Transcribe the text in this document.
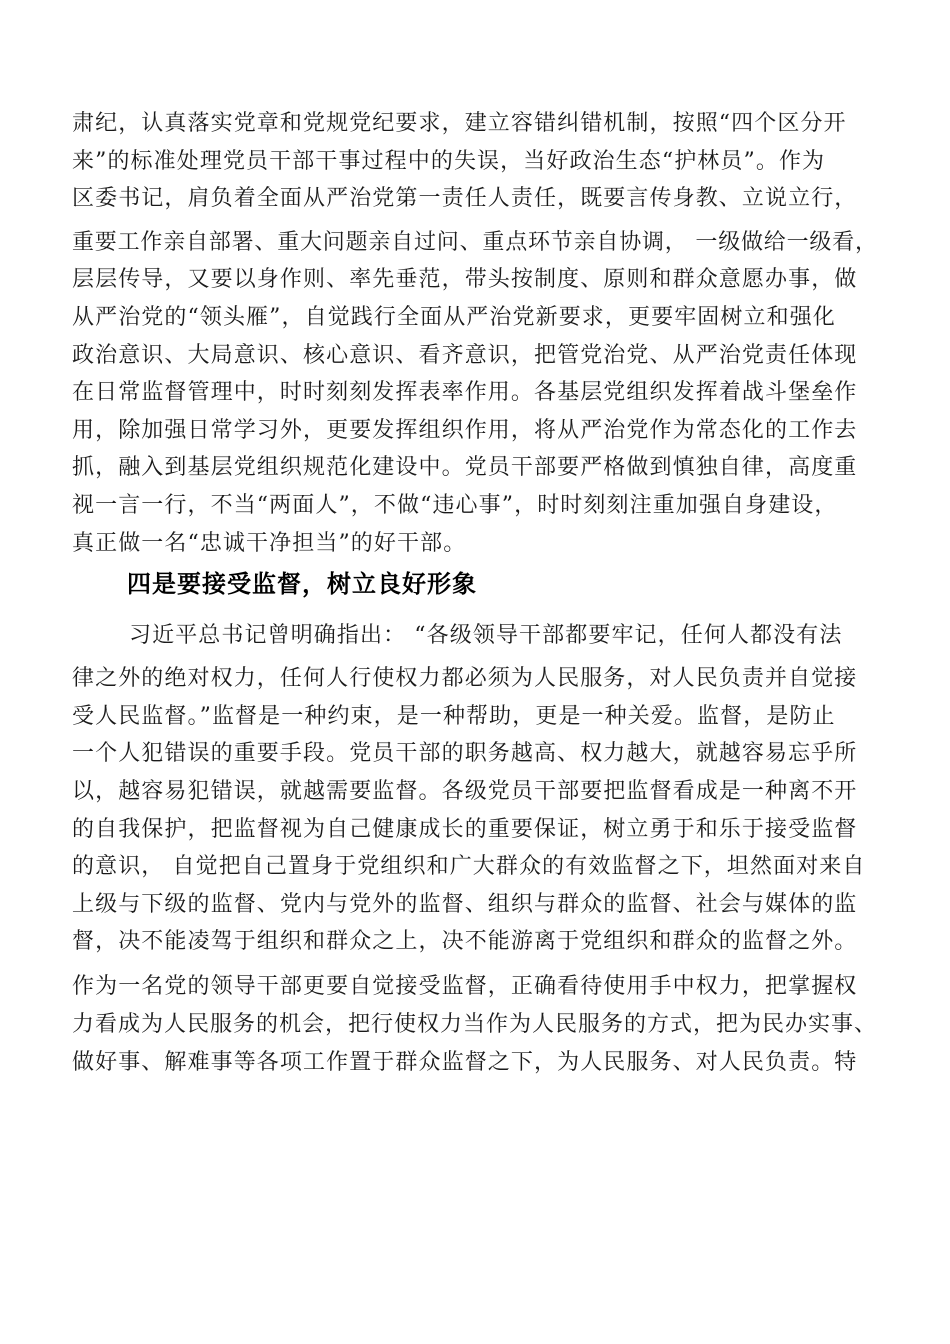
肃纪，认真落实党章和党规党纪要求，建立容错纠错机制，按照“四个区分开
来”的标准处理党员干部干事过程中的失误，当好政治生态“护林员”。作为
区委书记，肩负着全面从严治党第一责任人责任，既要言传身教、立说立行，
重要工作亲自部署、重大问题亲自过问、重点环节亲自协调， 一级做给一级看，
层层传导，又要以身作则、率先垂范，带头按制度、原则和群众意愿办事，做
从严治党的“领头雁”，自觉践行全面从严治党新要求，更要牢固树立和强化
政治意识、大局意识、核心意识、看齐意识，把管党治党、从严治党责任体现
在日常监督管理中，时时刻刻发挥表率作用。各基层党组织发挥着战斗堡垒作
用，除加强日常学习外，更要发挥组织作用，将从严治党作为常态化的工作去
抓，融入到基层党组织规范化建设中。党员干部要严格做到慎独自律，高度重
视一言一行，不当“两面人”，不做“违心事”，时时刻刻注重加强自身建设，
真正做一名“忠诚干净担当”的好干部。
四是要接受监督，树立良好形象
习近平总书记曾明确指出： “各级领导干部都要牢记，任何人都没有法
律之外的绝对权力，任何人行使权力都必须为人民服务，对人民负责并自觉接
受人民监督。”监督是一种约束，是一种帮助，更是一种关爱。监督，是防止
一个人犯错误的重要手段。党员干部的职务越高、权力越大，就越容易忘乎所
以，越容易犯错误，就越需要监督。各级党员干部要把监督看成是一种离不开
的自我保护，把监督视为自己健康成长的重要保证，树立勇于和乐于接受监督
的意识， 自觉把自己置身于党组织和广大群众的有效监督之下，坦然面对来自
上级与下级的监督、党内与党外的监督、组织与群众的监督、社会与媒体的监
督，决不能凌驾于组织和群众之上，决不能游离于党组织和群众的监督之外。
作为一名党的领导干部更要自觉接受监督，正确看待使用手中权力，把掌握权
力看成为人民服务的机会，把行使权力当作为人民服务的方式，把为民办实事、
做好事、解难事等各项工作置于群众监督之下，为人民服务、对人民负责。特
